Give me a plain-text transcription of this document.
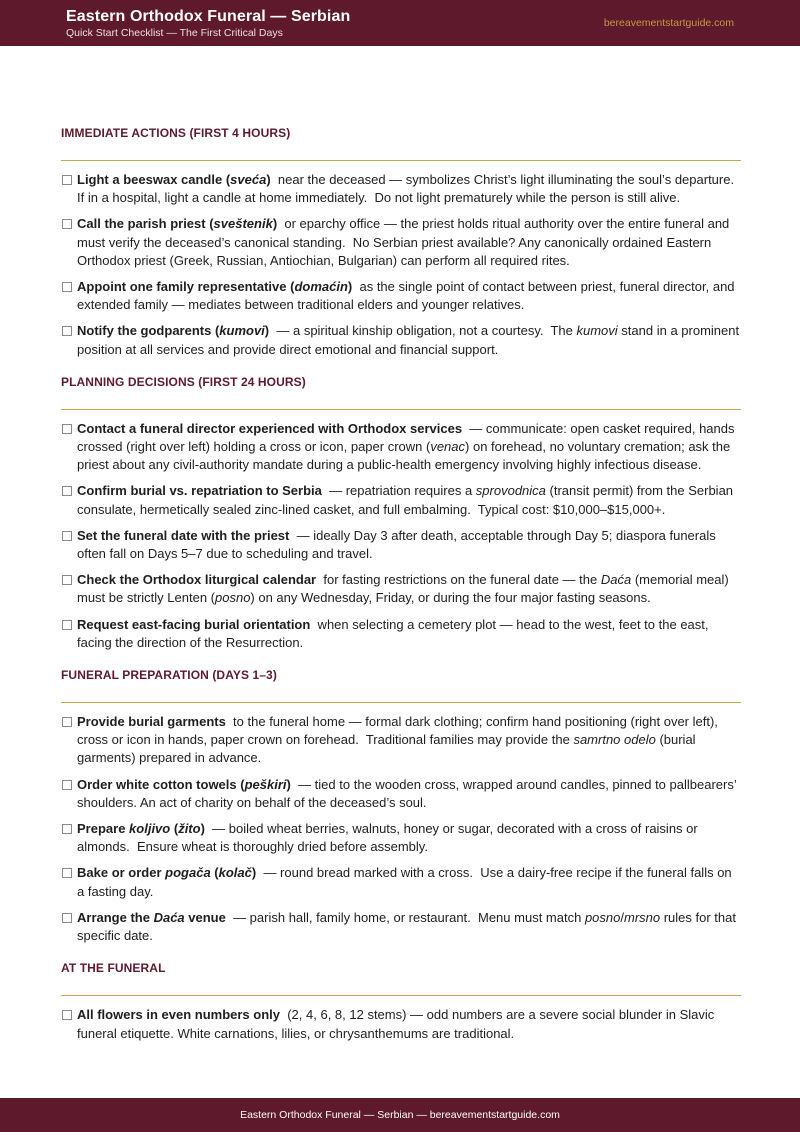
Eastern Orthodox Funeral — Serbian
Quick Start Checklist — The First Critical Days
bereavementstartguide.com
IMMEDIATE ACTIONS (FIRST 4 HOURS)
Light a beeswax candle (sveća)  near the deceased — symbolizes Christ’s light illuminating the soul’s departure.  If in a hospital, light a candle at home immediately.  Do not light prematurely while the person is still alive.
Call the parish priest (sveštenik)  or eparchy office — the priest holds ritual authority over the entire funeral and must verify the deceased’s canonical standing.  No Serbian priest available? Any canonically ordained Eastern Orthodox priest (Greek, Russian, Antiochian, Bulgarian) can perform all required rites.
Appoint one family representative (domaćin)  as the single point of contact between priest, funeral director, and extended family — mediates between traditional elders and younger relatives.
Notify the godparents (kumovi)  — a spiritual kinship obligation, not a courtesy.  The kumovi stand in a prominent position at all services and provide direct emotional and financial support.
PLANNING DECISIONS (FIRST 24 HOURS)
Contact a funeral director experienced with Orthodox services  — communicate: open casket required, hands crossed (right over left) holding a cross or icon, paper crown (venac) on forehead, no voluntary cremation; ask the priest about any civil-authority mandate during a public-health emergency involving highly infectious disease.
Confirm burial vs. repatriation to Serbia  — repatriation requires a sprovodnica (transit permit) from the Serbian consulate, hermetically sealed zinc-lined casket, and full embalming.  Typical cost: $10,000–$15,000+.
Set the funeral date with the priest  — ideally Day 3 after death, acceptable through Day 5; diaspora funerals often fall on Days 5–7 due to scheduling and travel.
Check the Orthodox liturgical calendar  for fasting restrictions on the funeral date — the Daća (memorial meal) must be strictly Lenten (posno) on any Wednesday, Friday, or during the four major fasting seasons.
Request east-facing burial orientation  when selecting a cemetery plot — head to the west, feet to the east, facing the direction of the Resurrection.
FUNERAL PREPARATION (DAYS 1–3)
Provide burial garments  to the funeral home — formal dark clothing; confirm hand positioning (right over left), cross or icon in hands, paper crown on forehead.  Traditional families may provide the samrtno odelo (burial garments) prepared in advance.
Order white cotton towels (peškiri)  — tied to the wooden cross, wrapped around candles, pinned to pallbearers’ shoulders. An act of charity on behalf of the deceased’s soul.
Prepare koljivo (žito)  — boiled wheat berries, walnuts, honey or sugar, decorated with a cross of raisins or almonds.  Ensure wheat is thoroughly dried before assembly.
Bake or order pogača (kolač)  — round bread marked with a cross.  Use a dairy-free recipe if the funeral falls on a fasting day.
Arrange the Daća venue  — parish hall, family home, or restaurant.  Menu must match posno/mrsno rules for that specific date.
AT THE FUNERAL
All flowers in even numbers only  (2, 4, 6, 8, 12 stems) — odd numbers are a severe social blunder in Slavic funeral etiquette. White carnations, lilies, or chrysanthemums are traditional.
Eastern Orthodox Funeral — Serbian — bereavementstartguide.com
